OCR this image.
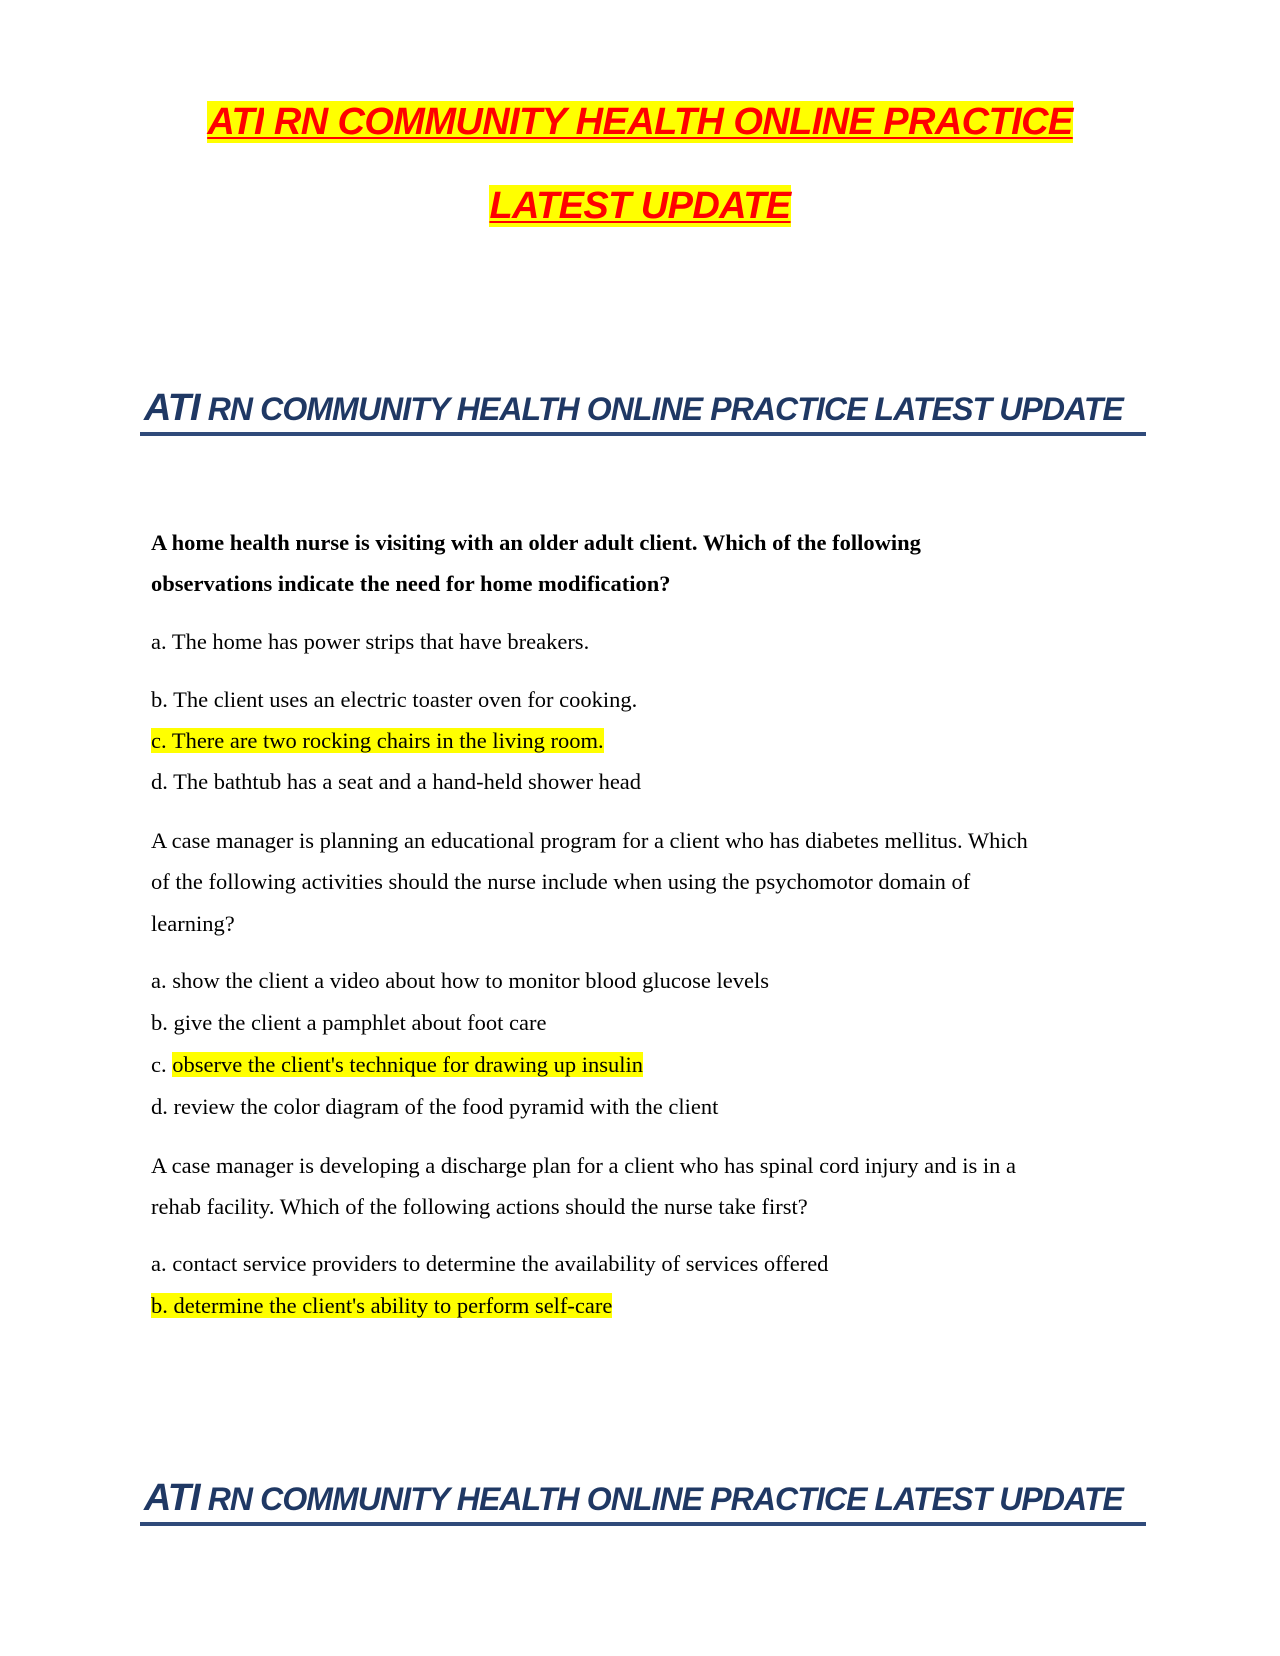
ATI RN COMMUNITY HEALTH ONLINE PRACTICE
LATEST UPDATE
ATI RN COMMUNITY HEALTH ONLINE PRACTICE LATEST UPDATE
A home health nurse is visiting with an older adult client. Which of the following
observations indicate the need for home modification?
a. The home has power strips that have breakers.
b. The client uses an electric toaster oven for cooking.
c. There are two rocking chairs in the living room.
d. The bathtub has a seat and a hand-held shower head
A case manager is planning an educational program for a client who has diabetes mellitus. Which
of the following activities should the nurse include when using the psychomotor domain of
learning?
a. show the client a video about how to monitor blood glucose levels
b. give the client a pamphlet about foot care
c. observe the client's technique for drawing up insulin
d. review the color diagram of the food pyramid with the client
A case manager is developing a discharge plan for a client who has spinal cord injury and is in a
rehab facility. Which of the following actions should the nurse take first?
a. contact service providers to determine the availability of services offered
b. determine the client's ability to perform self-care
ATI RN COMMUNITY HEALTH ONLINE PRACTICE LATEST UPDATE
